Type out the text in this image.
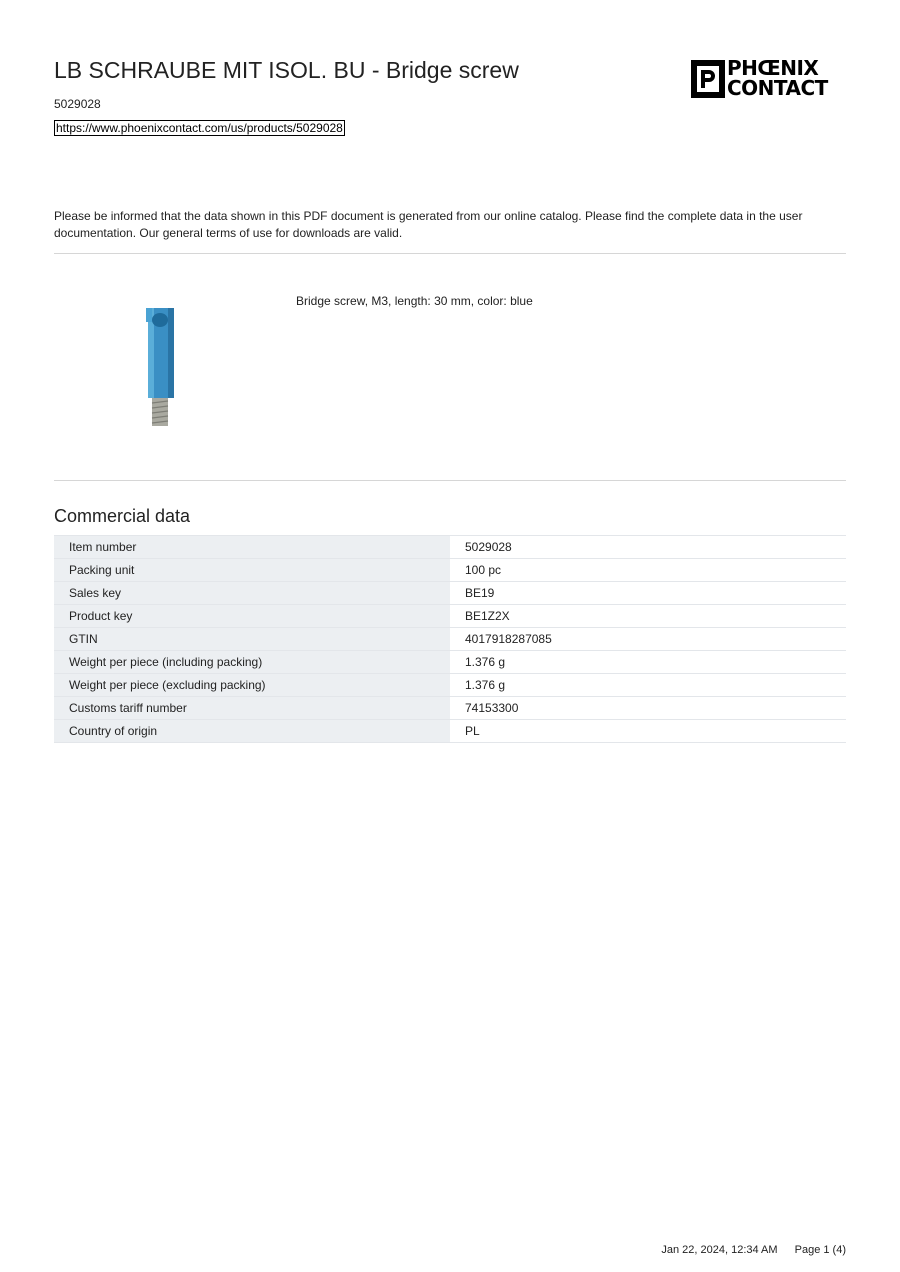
LB SCHRAUBE MIT ISOL. BU - Bridge screw
5029028
https://www.phoenixcontact.com/us/products/5029028
PHŒNIX
CONTACT
Please be informed that the data shown in this PDF document is generated from our online catalog. Please find the complete data in the user documentation. Our general terms of use for downloads are valid.
Bridge screw, M3, length: 30 mm, color: blue
Commercial data
Item number	5029028
Packing unit	100 pc
Sales key	BE19
Product key	BE1Z2X
GTIN	4017918287085
Weight per piece (including packing)	1.376 g
Weight per piece (excluding packing)	1.376 g
Customs tariff number	74153300
Country of origin	PL
Jan 22, 2024, 12:34 AM Page 1 (4)
